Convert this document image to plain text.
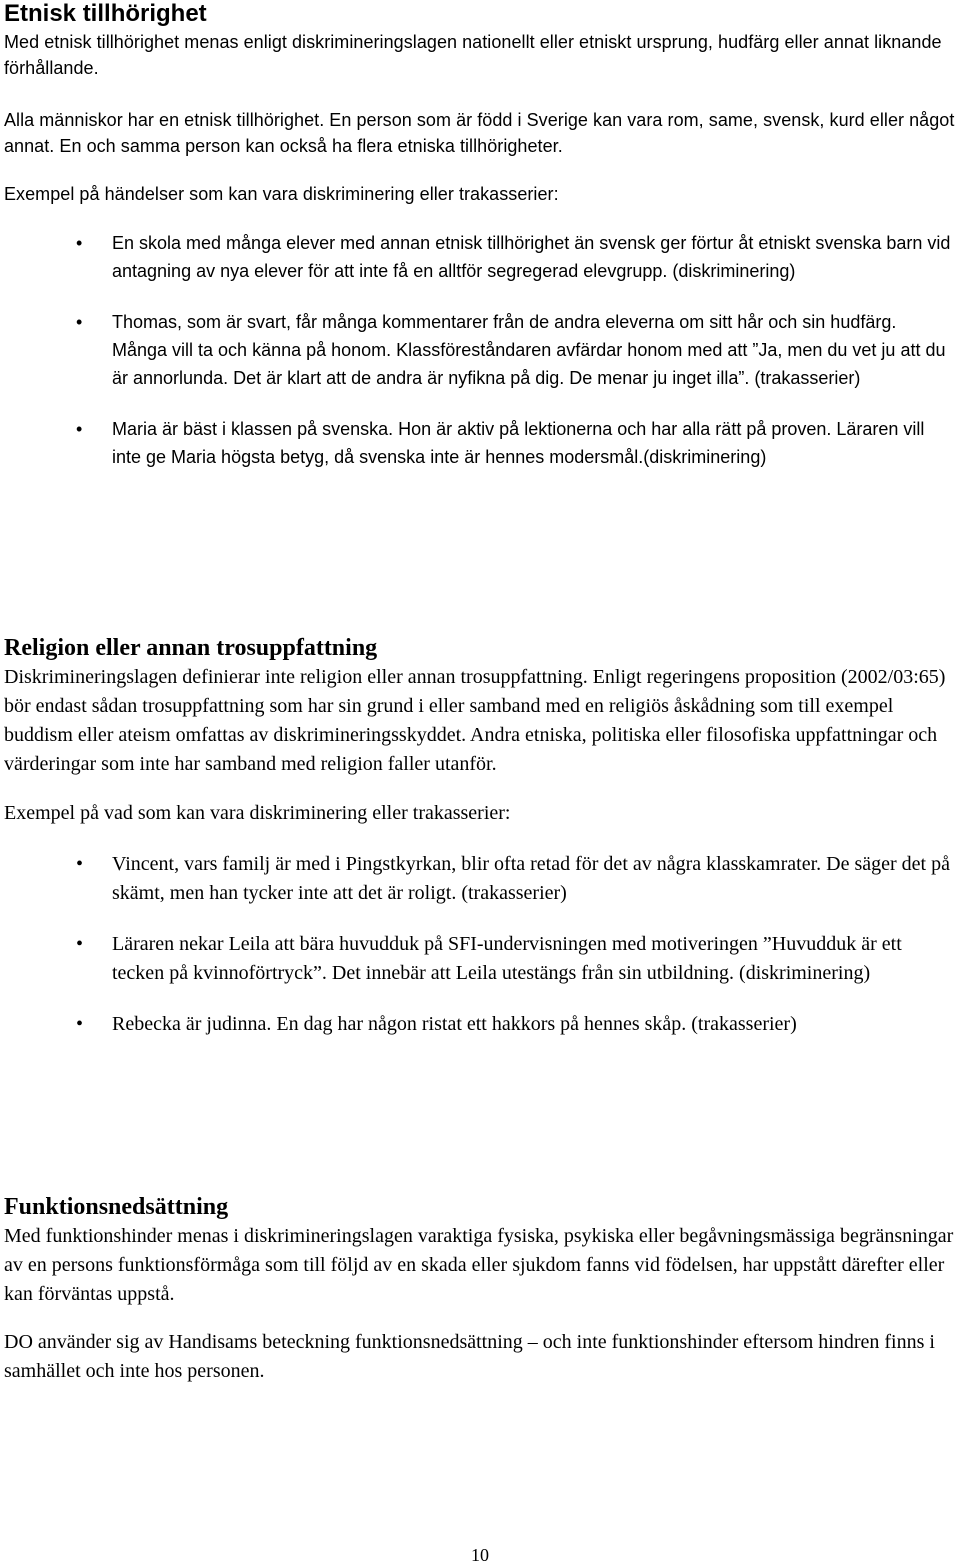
Etnisk tillhörighet

Med etnisk tillhörighet menas enligt diskrimineringslagen nationellt eller etniskt ursprung, hudfärg eller annat liknande förhållande.

Alla människor har en etnisk tillhörighet. En person som är född i Sverige kan vara rom, same, svensk, kurd eller något annat. En och samma person kan också ha flera etniska tillhörigheter.

Exempel på händelser som kan vara diskriminering eller trakasserier:

•	En skola med många elever med annan etnisk tillhörighet än svensk ger förtur åt etniskt svenska barn vid antagning av nya elever för att inte få en alltför segregerad elevgrupp. (diskriminering)
•	Thomas, som är svart, får många kommentarer från de andra eleverna om sitt hår och sin hudfärg. Många vill ta och känna på honom. Klassföreståndaren avfärdar honom med att ”Ja, men du vet ju att du är annorlunda. Det är klart att de andra är nyfikna på dig. De menar ju inget illa”. (trakasserier)
•	Maria är bäst i klassen på svenska. Hon är aktiv på lektionerna och har alla rätt på proven. Läraren vill inte ge Maria högsta betyg, då svenska inte är hennes modersmål.(diskriminering)
Religion eller annan trosuppfattning

Diskrimineringslagen definierar inte religion eller annan trosuppfattning. Enligt regeringens proposition (2002/03:65) bör endast sådan trosuppfattning som har sin grund i eller samband med en religiös åskådning som till exempel buddism eller ateism omfattas av diskrimineringsskyddet. Andra etniska, politiska eller filosofiska uppfattningar och värderingar som inte har samband med religion faller utanför.

Exempel på vad som kan vara diskriminering eller trakasserier:

•	Vincent, vars familj är med i Pingstkyrkan, blir ofta retad för det av några klasskamrater. De säger det på skämt, men han tycker inte att det är roligt. (trakasserier)
•	Läraren nekar Leila att bära huvudduk på SFI-undervisningen med motiveringen ”Huvudduk är ett tecken på kvinnoförtryck”. Det innebär att Leila utestängs från sin utbildning. (diskriminering)
•	Rebecka är judinna. En dag har någon ristat ett hakkors på hennes skåp. (trakasserier)
Funktionsnedsättning

Med funktionshinder menas i diskrimineringslagen varaktiga fysiska, psykiska eller begåvningsmässiga begränsningar av en persons funktionsförmåga som till följd av en skada eller sjukdom fanns vid födelsen, har uppstått därefter eller kan förväntas uppstå.

DO använder sig av Handisams beteckning funktionsnedsättning – och inte funktionshinder eftersom hindren finns i samhället och inte hos personen.

10
